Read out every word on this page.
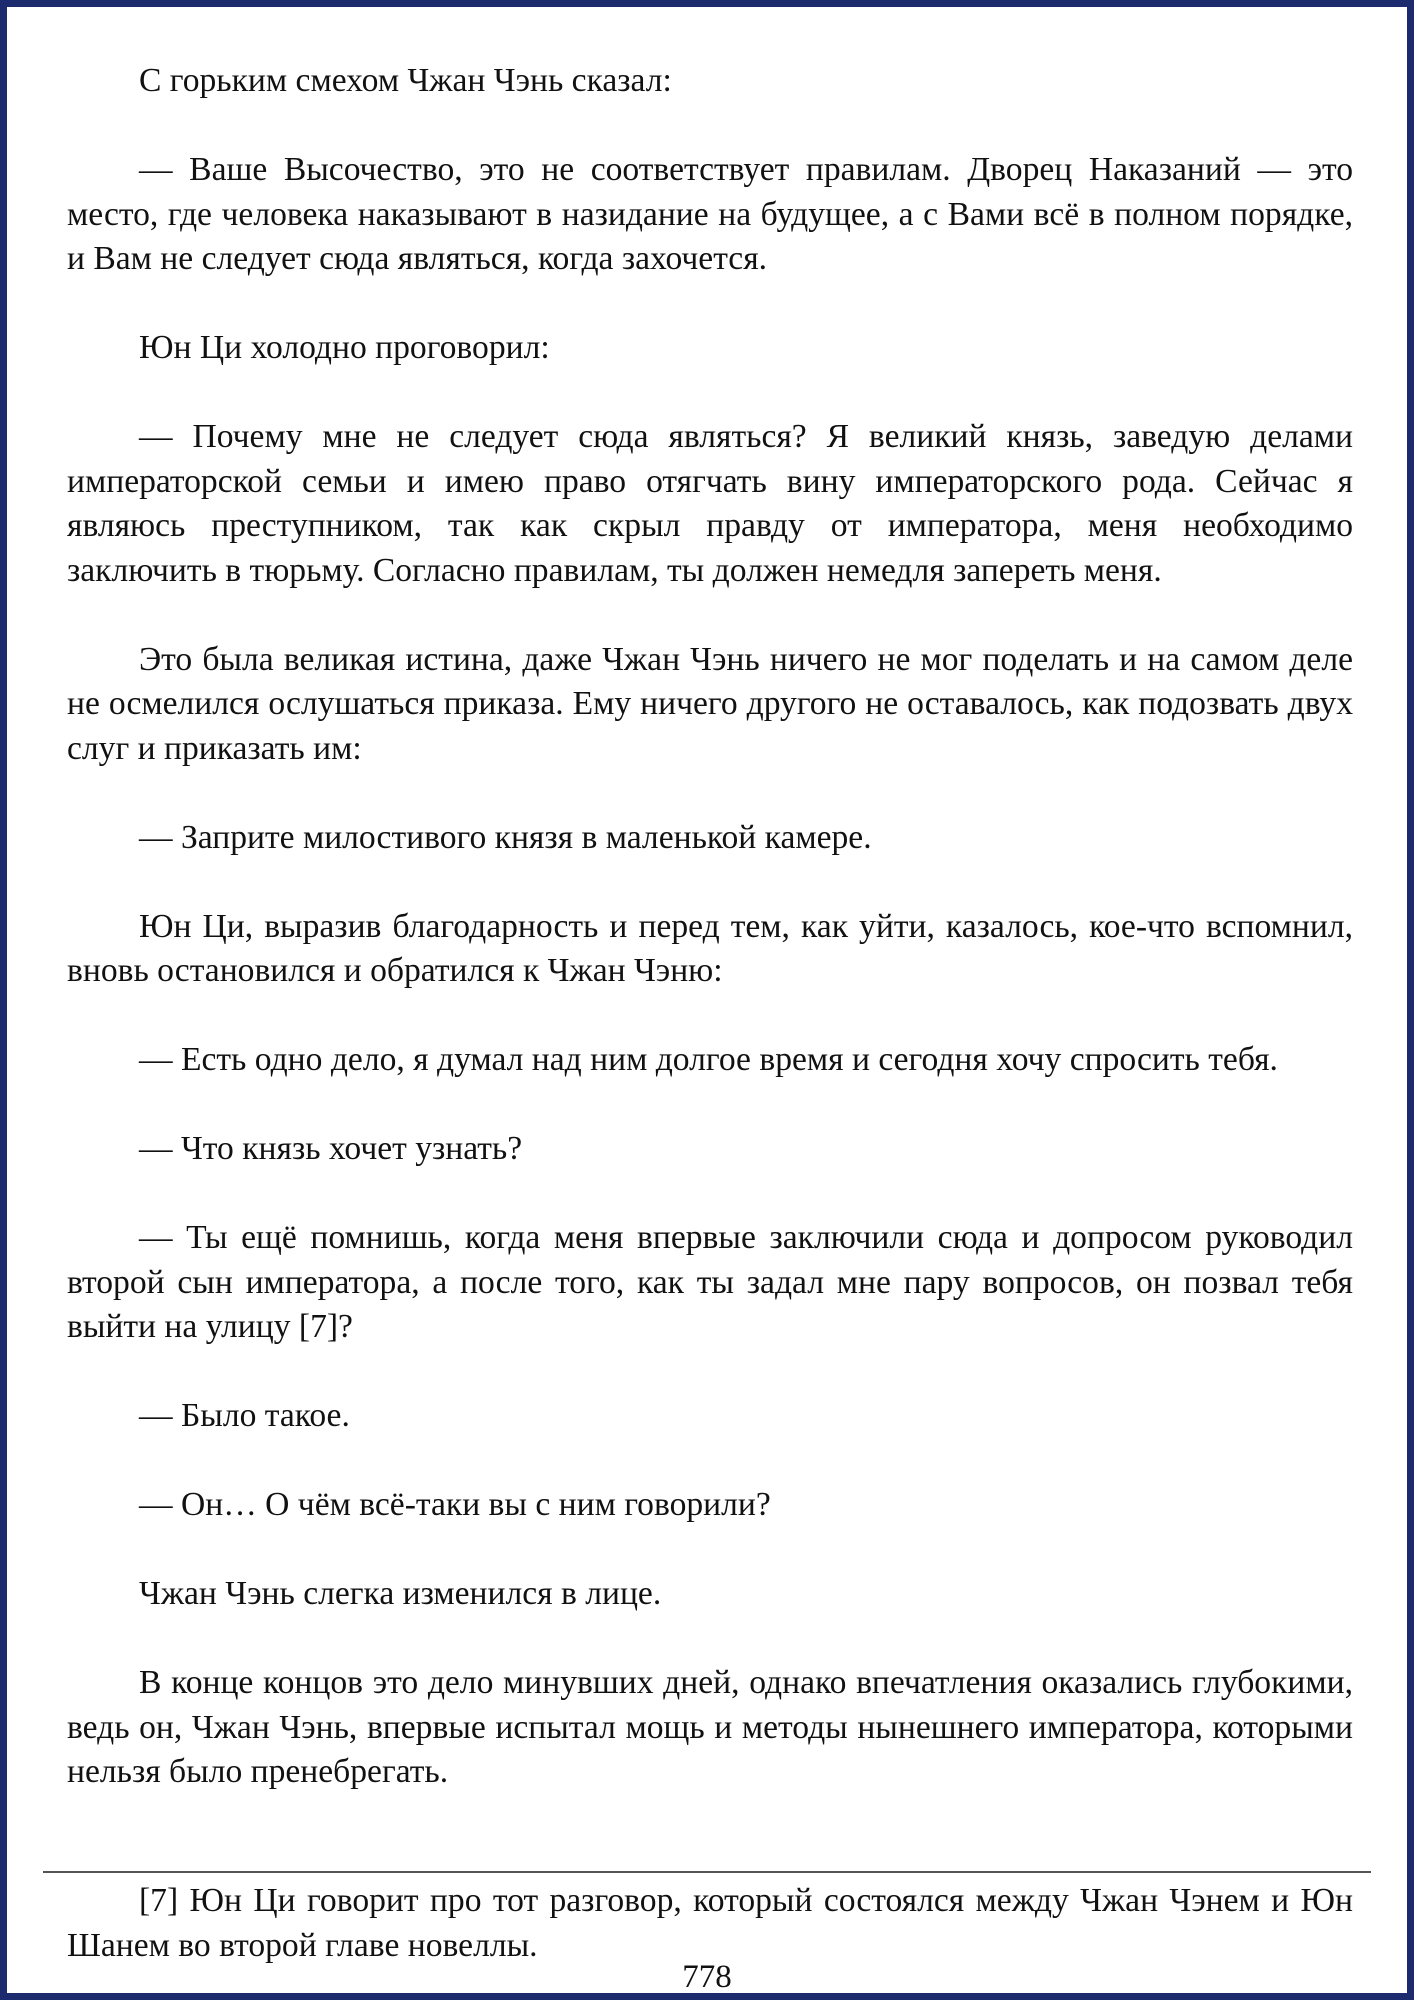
С горьким смехом Чжан Чэнь сказал:

— Ваше Высочество, это не соответствует правилам. Дворец Наказаний — это место, где человека наказывают в назидание на будущее, а с Вами всё в полном порядке, и Вам не следует сюда являться, когда захочется.

Юн Ци холодно проговорил:

— Почему мне не следует сюда являться? Я великий князь, заведую делами императорской семьи и имею право отягчать вину императорского рода. Сейчас я являюсь преступником, так как скрыл правду от императора, меня необходимо заключить в тюрьму. Согласно правилам, ты должен немедля запереть меня.

Это была великая истина, даже Чжан Чэнь ничего не мог поделать и на самом деле не осмелился ослушаться приказа. Ему ничего другого не оставалось, как подозвать двух слуг и приказать им:

— Заприте милостивого князя в маленькой камере.

Юн Ци, выразив благодарность и перед тем, как уйти, казалось, кое-что вспомнил, вновь остановился и обратился к Чжан Чэню:

— Есть одно дело, я думал над ним долгое время и сегодня хочу спросить тебя.

— Что князь хочет узнать?

— Ты ещё помнишь, когда меня впервые заключили сюда и допросом руководил второй сын императора, а после того, как ты задал мне пару вопросов, он позвал тебя выйти на улицу [7]?

— Было такое.

— Он… О чём всё-таки вы с ним говорили?

Чжан Чэнь слегка изменился в лице.

В конце концов это дело минувших дней, однако впечатления оказались глубокими, ведь он, Чжан Чэнь, впервые испытал мощь и методы нынешнего императора, которыми нельзя было пренебрегать.

[7] Юн Ци говорит про тот разговор, который состоялся между Чжан Чэнем и Юн Шанем во второй главе новеллы.

778
